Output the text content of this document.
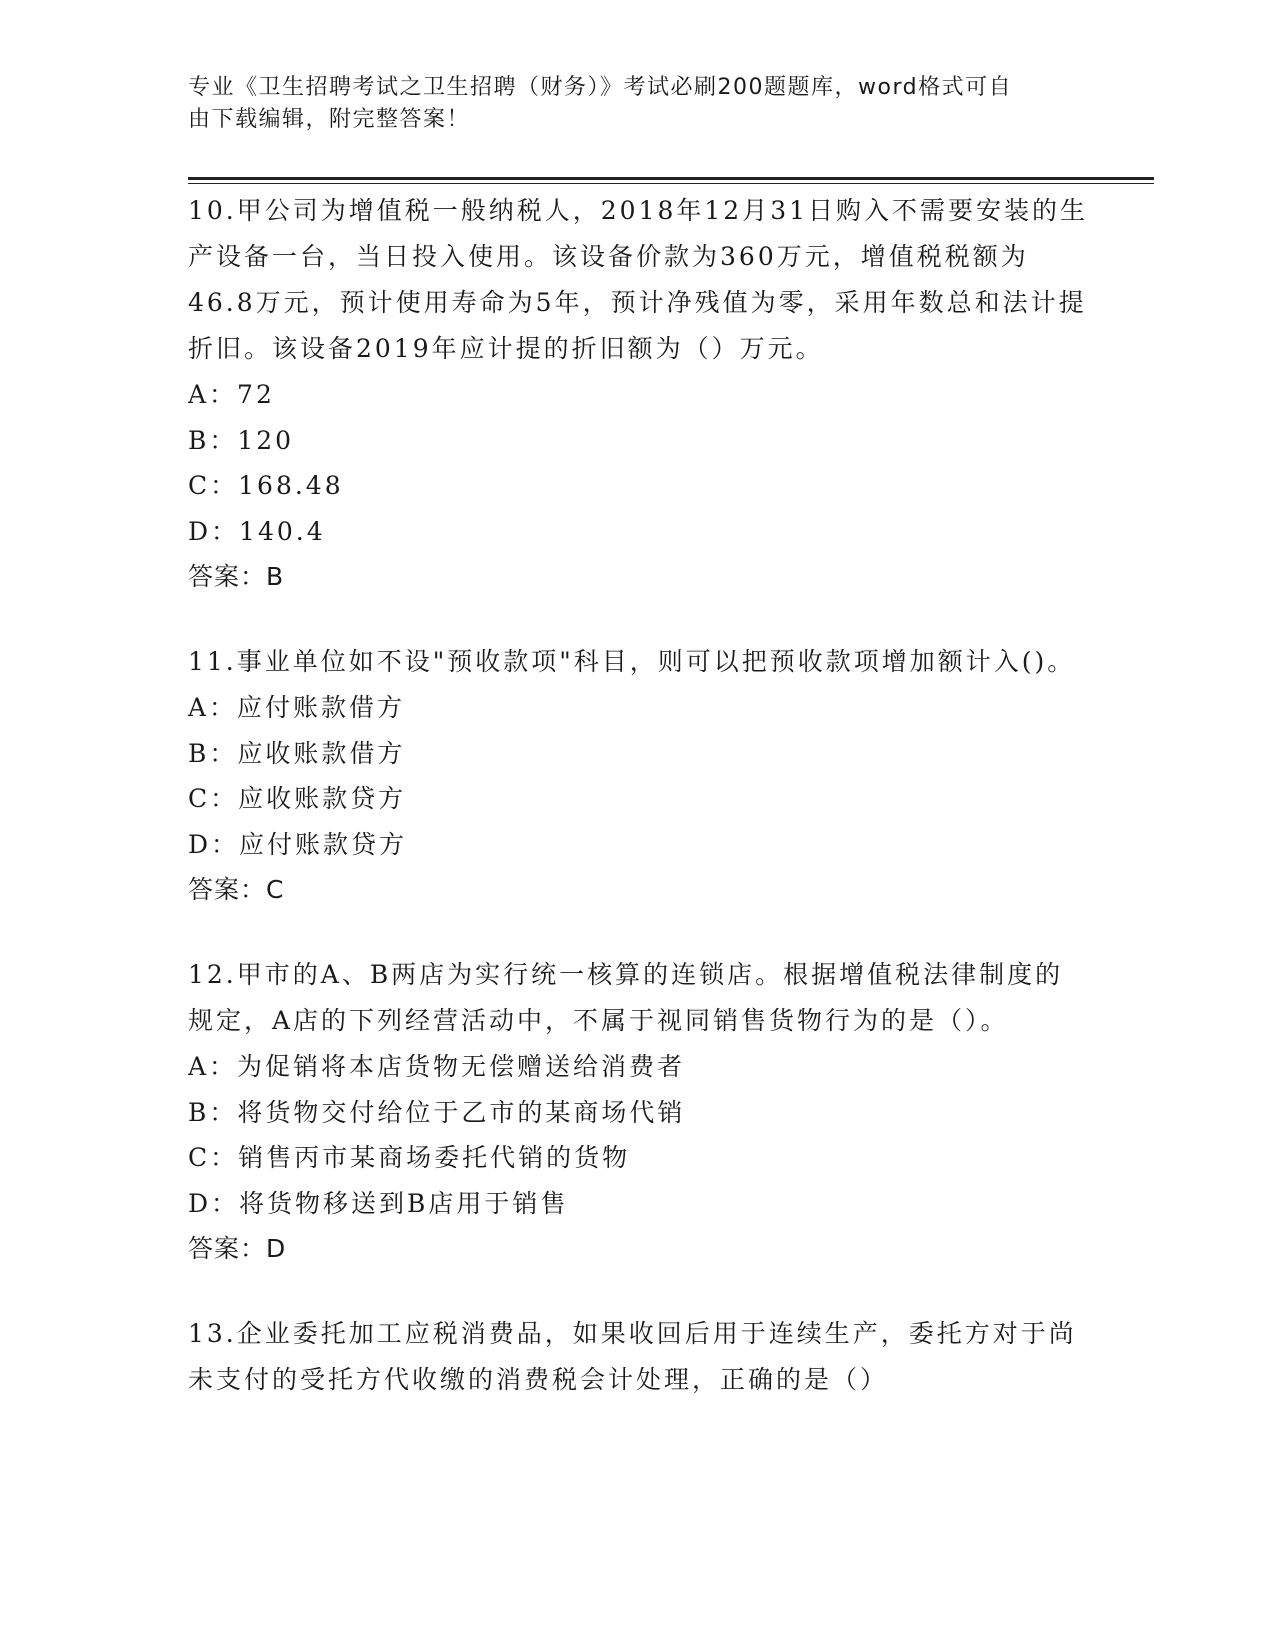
专业《卫生招聘考试之卫生招聘（财务）》考试必刷200题题库，word格式可自
由下载编辑，附完整答案！

10.甲公司为增值税一般纳税人，2018年12月31日购入不需要安装的生产设备一台，当日投入使用。该设备价款为360万元，增值税税额为46.8万元，预计使用寿命为5年，预计净残值为零，采用年数总和法计提折旧。该设备2019年应计提的折旧额为（）万元。

A：72

B：120

C：168.48

D：140.4

答案：B

11.事业单位如不设"预收款项"科目，则可以把预收款项增加额计入()。

A：应付账款借方

B：应收账款借方

C：应收账款贷方

D：应付账款贷方

答案：C

12.甲市的A、B两店为实行统一核算的连锁店。根据增值税法律制度的规定，A店的下列经营活动中，不属于视同销售货物行为的是（）。

A：为促销将本店货物无偿赠送给消费者

B：将货物交付给位于乙市的某商场代销

C：销售丙市某商场委托代销的货物

D：将货物移送到B店用于销售

答案：D

13.企业委托加工应税消费品，如果收回后用于连续生产，委托方对于尚未支付的受托方代收缴的消费税会计处理，正确的是（）
